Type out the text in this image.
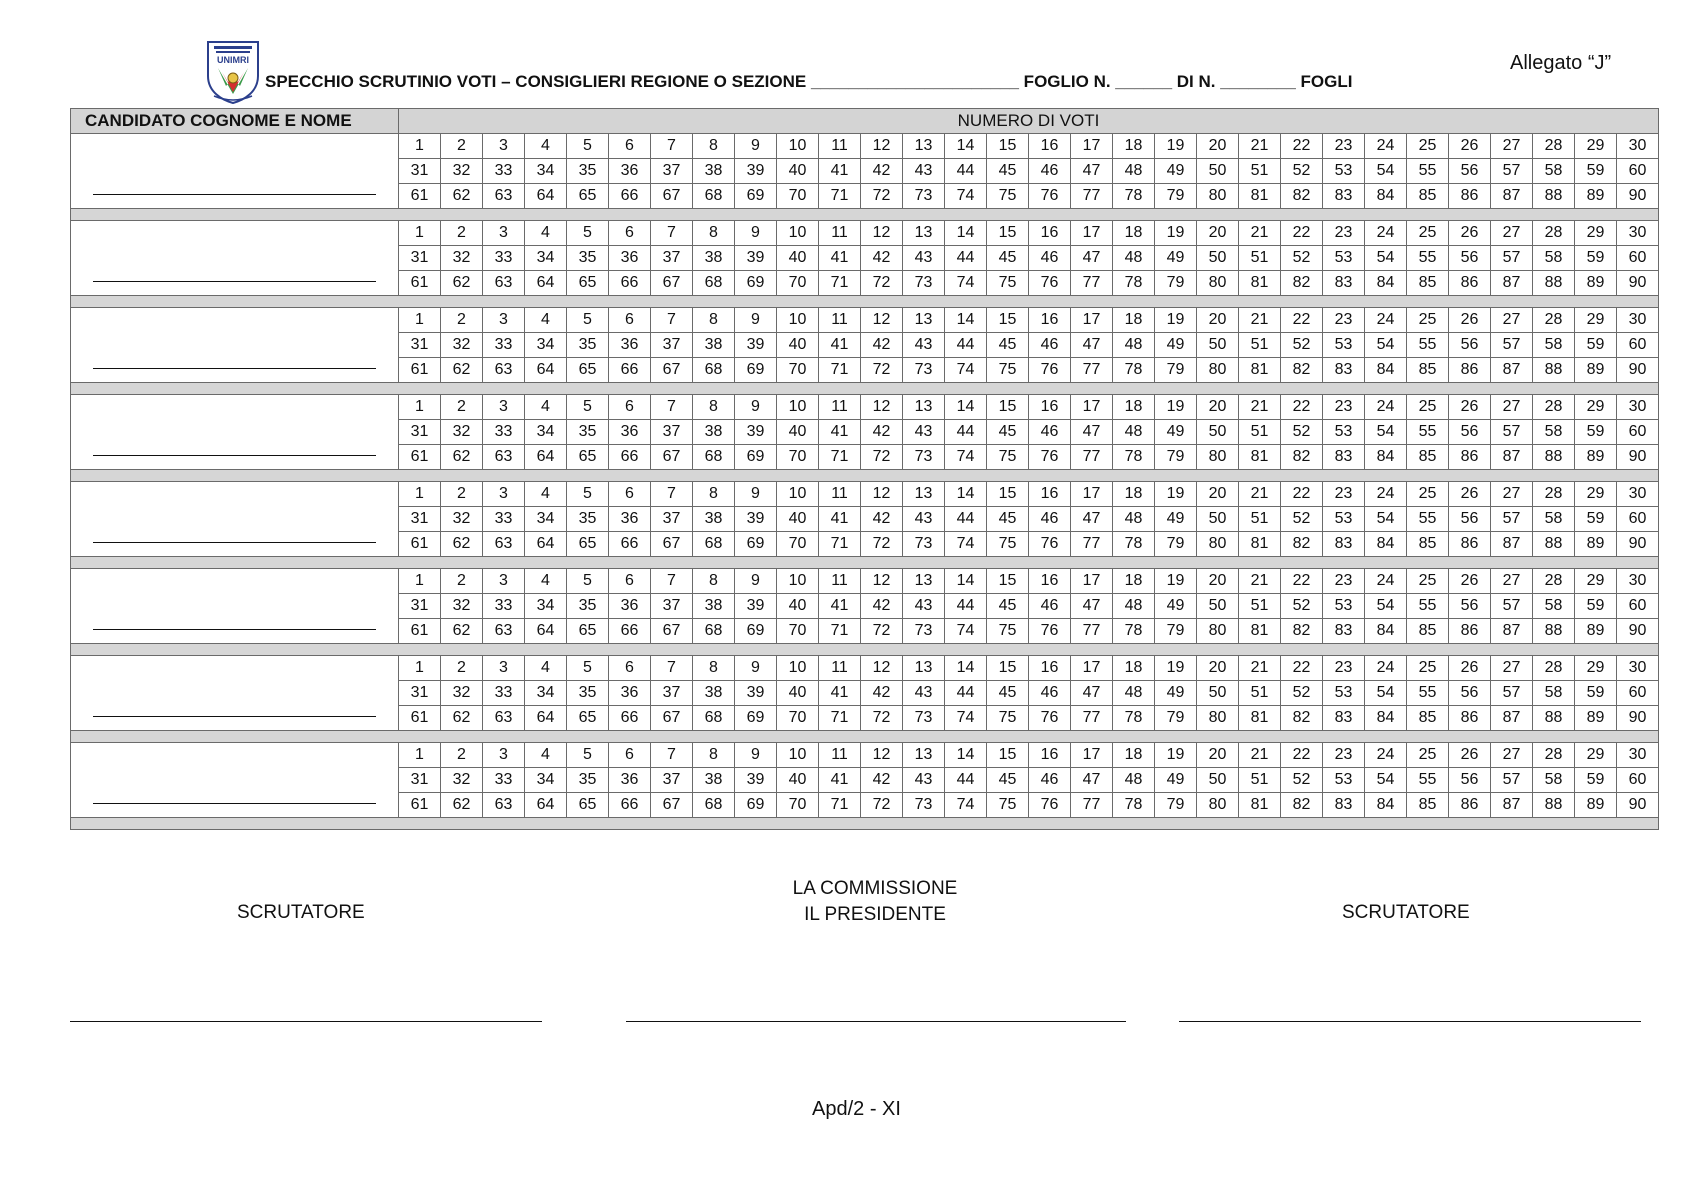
UNIMRI
SPECCHIO SCRUTINIO VOTI – CONSIGLIERI REGIONE O SEZIONE ______________________ FOGLIO N. ______ DI N. ________ FOGLI
Allegato “J”
CANDIDATO COGNOME E NOME	NUMERO DI VOTI																													
	1	2	3	4	5	6	7	8	9	10	11	12	13	14	15	16	17	18	19	20	21	22	23	24	25	26	27	28	29	30
	31	32	33	34	35	36	37	38	39	40	41	42	43	44	45	46	47	48	49	50	51	52	53	54	55	56	57	58	59	60
	61	62	63	64	65	66	67	68	69	70	71	72	73	74	75	76	77	78	79	80	81	82	83	84	85	86	87	88	89	90

	1	2	3	4	5	6	7	8	9	10	11	12	13	14	15	16	17	18	19	20	21	22	23	24	25	26	27	28	29	30
	31	32	33	34	35	36	37	38	39	40	41	42	43	44	45	46	47	48	49	50	51	52	53	54	55	56	57	58	59	60
	61	62	63	64	65	66	67	68	69	70	71	72	73	74	75	76	77	78	79	80	81	82	83	84	85	86	87	88	89	90

	1	2	3	4	5	6	7	8	9	10	11	12	13	14	15	16	17	18	19	20	21	22	23	24	25	26	27	28	29	30
	31	32	33	34	35	36	37	38	39	40	41	42	43	44	45	46	47	48	49	50	51	52	53	54	55	56	57	58	59	60
	61	62	63	64	65	66	67	68	69	70	71	72	73	74	75	76	77	78	79	80	81	82	83	84	85	86	87	88	89	90

	1	2	3	4	5	6	7	8	9	10	11	12	13	14	15	16	17	18	19	20	21	22	23	24	25	26	27	28	29	30
	31	32	33	34	35	36	37	38	39	40	41	42	43	44	45	46	47	48	49	50	51	52	53	54	55	56	57	58	59	60
	61	62	63	64	65	66	67	68	69	70	71	72	73	74	75	76	77	78	79	80	81	82	83	84	85	86	87	88	89	90

	1	2	3	4	5	6	7	8	9	10	11	12	13	14	15	16	17	18	19	20	21	22	23	24	25	26	27	28	29	30
	31	32	33	34	35	36	37	38	39	40	41	42	43	44	45	46	47	48	49	50	51	52	53	54	55	56	57	58	59	60
	61	62	63	64	65	66	67	68	69	70	71	72	73	74	75	76	77	78	79	80	81	82	83	84	85	86	87	88	89	90

	1	2	3	4	5	6	7	8	9	10	11	12	13	14	15	16	17	18	19	20	21	22	23	24	25	26	27	28	29	30
	31	32	33	34	35	36	37	38	39	40	41	42	43	44	45	46	47	48	49	50	51	52	53	54	55	56	57	58	59	60
	61	62	63	64	65	66	67	68	69	70	71	72	73	74	75	76	77	78	79	80	81	82	83	84	85	86	87	88	89	90

	1	2	3	4	5	6	7	8	9	10	11	12	13	14	15	16	17	18	19	20	21	22	23	24	25	26	27	28	29	30
	31	32	33	34	35	36	37	38	39	40	41	42	43	44	45	46	47	48	49	50	51	52	53	54	55	56	57	58	59	60
	61	62	63	64	65	66	67	68	69	70	71	72	73	74	75	76	77	78	79	80	81	82	83	84	85	86	87	88	89	90

	1	2	3	4	5	6	7	8	9	10	11	12	13	14	15	16	17	18	19	20	21	22	23	24	25	26	27	28	29	30
	31	32	33	34	35	36	37	38	39	40	41	42	43	44	45	46	47	48	49	50	51	52	53	54	55	56	57	58	59	60
	61	62	63	64	65	66	67	68	69	70	71	72	73	74	75	76	77	78	79	80	81	82	83	84	85	86	87	88	89	90

LA COMMISSIONE
IL PRESIDENTE
SCRUTATORE	SCRUTATORE
Apd/2 - XI
